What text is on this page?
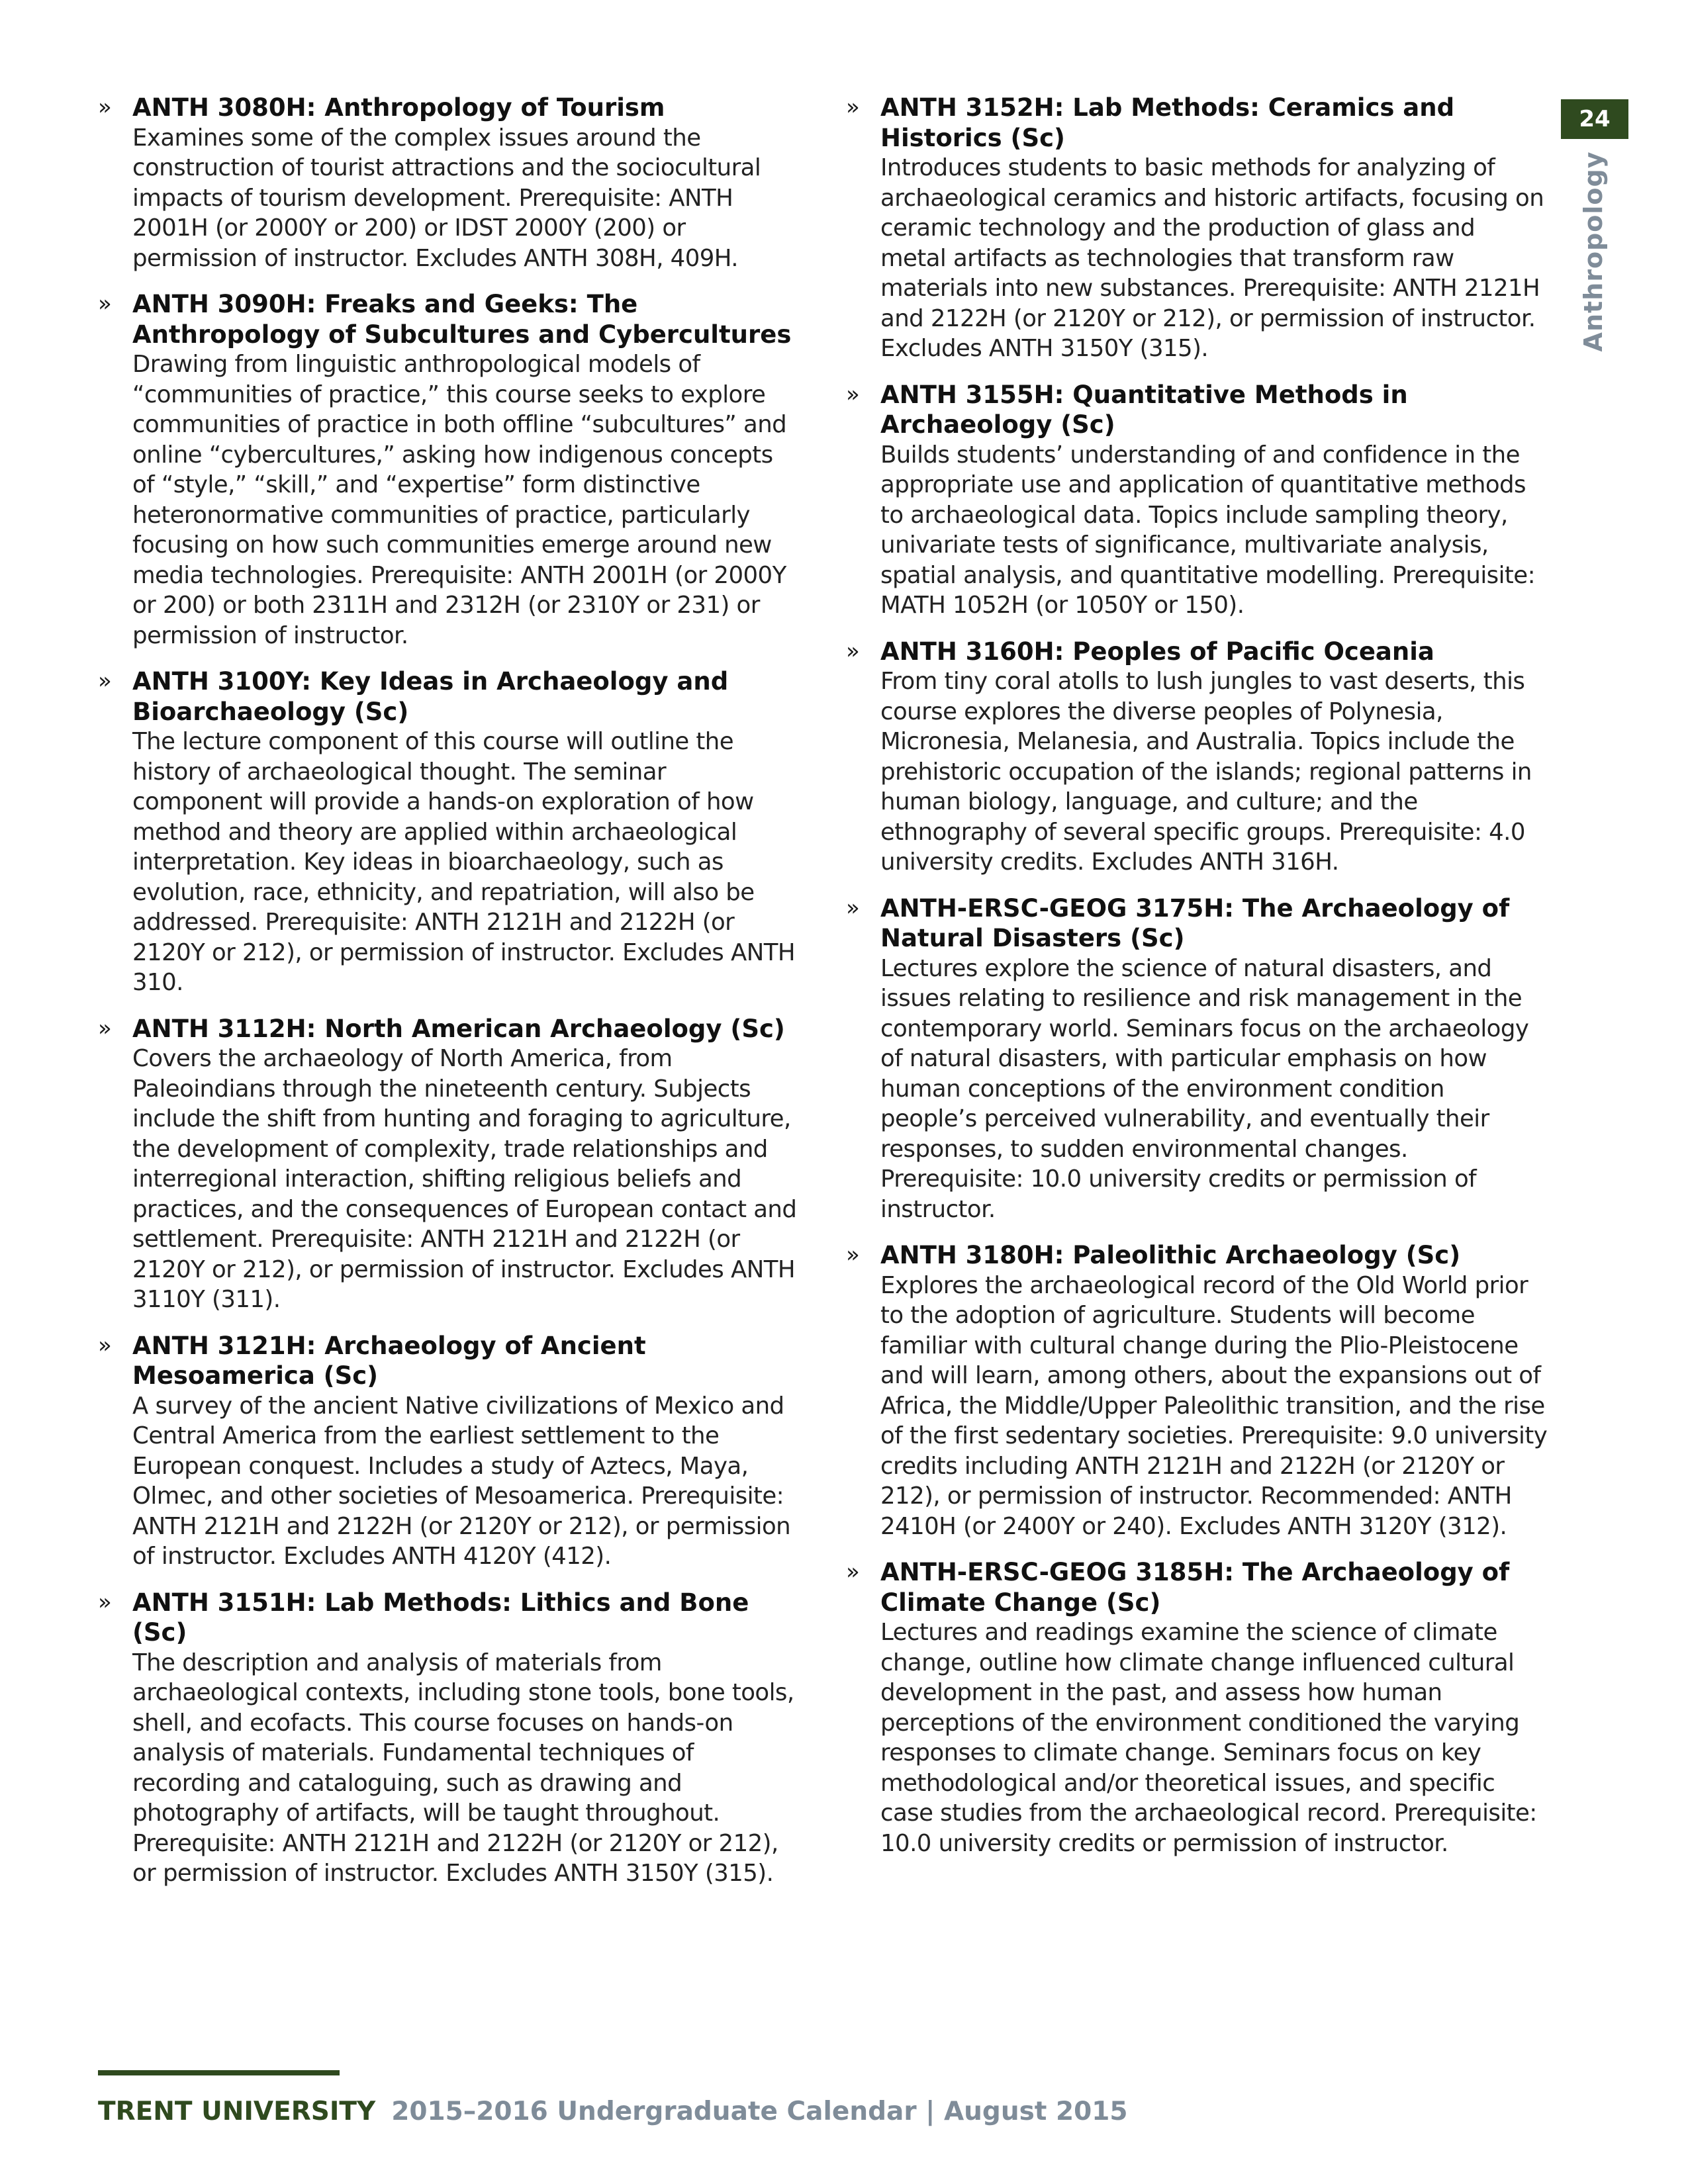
24
Anthropology
» ANTH 3080H: Anthropology of Tourism
Examines some of the complex issues around the construction of tourist attractions and the sociocultural impacts of tourism development. Prerequisite: ANTH 2001H (or 2000Y or 200) or IDST 2000Y (200) or permission of instructor. Excludes ANTH 308H, 409H.
» ANTH 3090H: Freaks and Geeks: The Anthropology of Subcultures and Cybercultures
Drawing from linguistic anthropological models of “communities of practice,” this course seeks to explore communities of practice in both offline “subcultures” and online “cybercultures,” asking how indigenous concepts of “style,” “skill,” and “expertise” form distinctive heteronormative communities of practice, particularly focusing on how such communities emerge around new media technologies. Prerequisite: ANTH 2001H (or 2000Y or 200) or both 2311H and 2312H (or 2310Y or 231) or permission of instructor.
» ANTH 3100Y: Key Ideas in Archaeology and Bioarchaeology (Sc)
The lecture component of this course will outline the history of archaeological thought. The seminar component will provide a hands-on exploration of how method and theory are applied within archaeological interpretation. Key ideas in bioarchaeology, such as evolution, race, ethnicity, and repatriation, will also be addressed. Prerequisite: ANTH 2121H and 2122H (or 2120Y or 212), or permission of instructor. Excludes ANTH 310.
» ANTH 3112H: North American Archaeology (Sc)
Covers the archaeology of North America, from Paleoindians through the nineteenth century. Subjects include the shift from hunting and foraging to agriculture, the development of complexity, trade relationships and interregional interaction, shifting religious beliefs and practices, and the consequences of European contact and settlement. Prerequisite: ANTH 2121H and 2122H (or 2120Y or 212), or permission of instructor. Excludes ANTH 3110Y (311).
» ANTH 3121H: Archaeology of Ancient Mesoamerica (Sc)
A survey of the ancient Native civilizations of Mexico and Central America from the earliest settlement to the European conquest. Includes a study of Aztecs, Maya, Olmec, and other societies of Mesoamerica. Prerequisite: ANTH 2121H and 2122H (or 2120Y or 212), or permission of instructor. Excludes ANTH 4120Y (412).
» ANTH 3151H: Lab Methods: Lithics and Bone (Sc)
The description and analysis of materials from archaeological contexts, including stone tools, bone tools, shell, and ecofacts. This course focuses on hands-on analysis of materials. Fundamental techniques of recording and cataloguing, such as drawing and photography of artifacts, will be taught throughout. Prerequisite: ANTH 2121H and 2122H (or 2120Y or 212), or permission of instructor. Excludes ANTH 3150Y (315).
» ANTH 3152H: Lab Methods: Ceramics and Historics (Sc)
Introduces students to basic methods for analyzing of archaeological ceramics and historic artifacts, focusing on ceramic technology and the production of glass and metal artifacts as technologies that transform raw materials into new substances. Prerequisite: ANTH 2121H and 2122H (or 2120Y or 212), or permission of instructor. Excludes ANTH 3150Y (315).
» ANTH 3155H: Quantitative Methods in Archaeology (Sc)
Builds students’ understanding of and confidence in the appropriate use and application of quantitative methods to archaeological data. Topics include sampling theory, univariate tests of significance, multivariate analysis, spatial analysis, and quantitative modelling. Prerequisite: MATH 1052H (or 1050Y or 150).
» ANTH 3160H: Peoples of Pacific Oceania
From tiny coral atolls to lush jungles to vast deserts, this course explores the diverse peoples of Polynesia, Micronesia, Melanesia, and Australia. Topics include the prehistoric occupation of the islands; regional patterns in human biology, language, and culture; and the ethnography of several specific groups. Prerequisite: 4.0 university credits. Excludes ANTH 316H.
» ANTH-ERSC-GEOG 3175H: The Archaeology of Natural Disasters (Sc)
Lectures explore the science of natural disasters, and issues relating to resilience and risk management in the contemporary world. Seminars focus on the archaeology of natural disasters, with particular emphasis on how human conceptions of the environment condition people’s perceived vulnerability, and eventually their responses, to sudden environmental changes. Prerequisite: 10.0 university credits or permission of instructor.
» ANTH 3180H: Paleolithic Archaeology (Sc)
Explores the archaeological record of the Old World prior to the adoption of agriculture. Students will become familiar with cultural change during the Plio-Pleistocene and will learn, among others, about the expansions out of Africa, the Middle/Upper Paleolithic transition, and the rise of the first sedentary societies. Prerequisite: 9.0 university credits including ANTH 2121H and 2122H (or 2120Y or 212), or permission of instructor. Recommended: ANTH 2410H (or 2400Y or 240). Excludes ANTH 3120Y (312).
» ANTH-ERSC-GEOG 3185H: The Archaeology of Climate Change (Sc)
Lectures and readings examine the science of climate change, outline how climate change influenced cultural development in the past, and assess how human perceptions of the environment conditioned the varying responses to climate change. Seminars focus on key methodological and/or theoretical issues, and specific case studies from the archaeological record. Prerequisite: 10.0 university credits or permission of instructor.
TRENT UNIVERSITY 2015–2016 Undergraduate Calendar | August 2015
